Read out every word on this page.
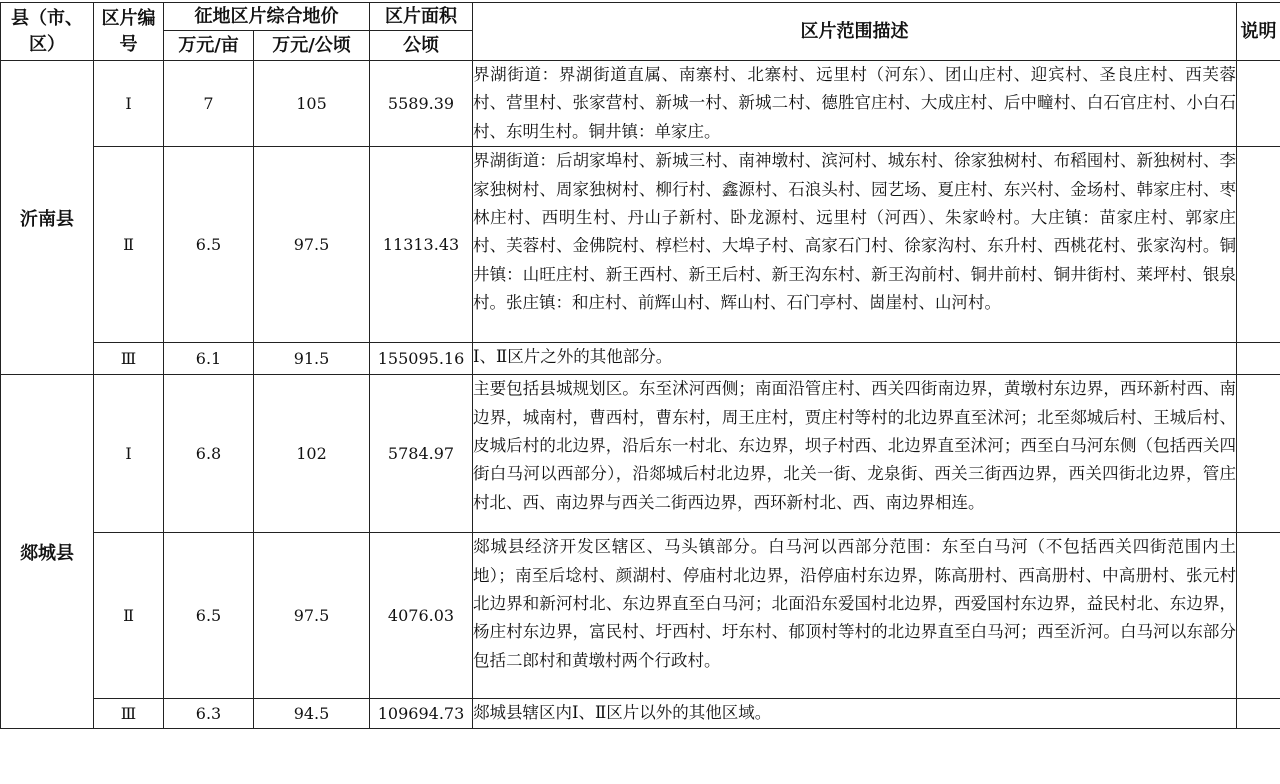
县（市、区）	区片编号	征地区片综合地价		区片面积	区片范围描述	说明
		万元/亩	万元/公顷	公顷		
沂南县	Ⅰ	7	105	5589.39	界湖街道：界湖街道直属、南寨村、北寨村、远里村（河东）、团山庄村、迎宾村、圣良庄村、西芙蓉村、营里村、张家营村、新城一村、新城二村、德胜官庄村、大成庄村、后中疃村、白石官庄村、小白石村、东明生村。铜井镇：单家庄。	
	Ⅱ	6.5	97.5	11313.43	界湖街道：后胡家埠村、新城三村、南神墩村、滨河村、城东村、徐家独树村、布稻囤村、新独树村、李家独树村、周家独树村、柳行村、鑫源村、石浪头村、园艺场、夏庄村、东兴村、金场村、韩家庄村、枣林庄村、西明生村、丹山子新村、卧龙源村、远里村（河西）、朱家岭村。大庄镇：苗家庄村、郭家庄村、芙蓉村、金佛院村、椁栏村、大埠子村、高家石门村、徐家沟村、东升村、西桃花村、张家沟村。铜井镇：山旺庄村、新王西村、新王后村、新王沟东村、新王沟前村、铜井前村、铜井街村、莱坪村、银泉村。张庄镇：和庄村、前辉山村、辉山村、石门亭村、崮崖村、山河村。	
	Ⅲ	6.1	91.5	155095.16	Ⅰ、Ⅱ区片之外的其他部分。	
郯城县	Ⅰ	6.8	102	5784.97	主要包括县城规划区。东至沭河西侧；南面沿管庄村、西关四街南边界，黄墩村东边界，西环新村西、南边界，城南村，曹西村，曹东村，周王庄村，贾庄村等村的北边界直至沭河；北至郯城后村、王城后村、皮城后村的北边界，沿后东一村北、东边界，坝子村西、北边界直至沭河；西至白马河东侧（包括西关四街白马河以西部分），沿郯城后村北边界，北关一街、龙泉街、西关三街西边界，西关四街北边界，管庄村北、西、南边界与西关二街西边界，西环新村北、西、南边界相连。	
	Ⅱ	6.5	97.5	4076.03	郯城县经济开发区辖区、马头镇部分。白马河以西部分范围：东至白马河（不包括西关四街范围内土地）；南至后埝村、颜湖村、停庙村北边界，沿停庙村东边界，陈高册村、西高册村、中高册村、张元村北边界和新河村北、东边界直至白马河；北面沿东爱国村北边界，西爱国村东边界，益民村北、东边界，杨庄村东边界，富民村、圩西村、圩东村、郁顶村等村的北边界直至白马河；西至沂河。白马河以东部分包括二郎村和黄墩村两个行政村。	
	Ⅲ	6.3	94.5	109694.73	郯城县辖区内Ⅰ、Ⅱ区片以外的其他区域。	
